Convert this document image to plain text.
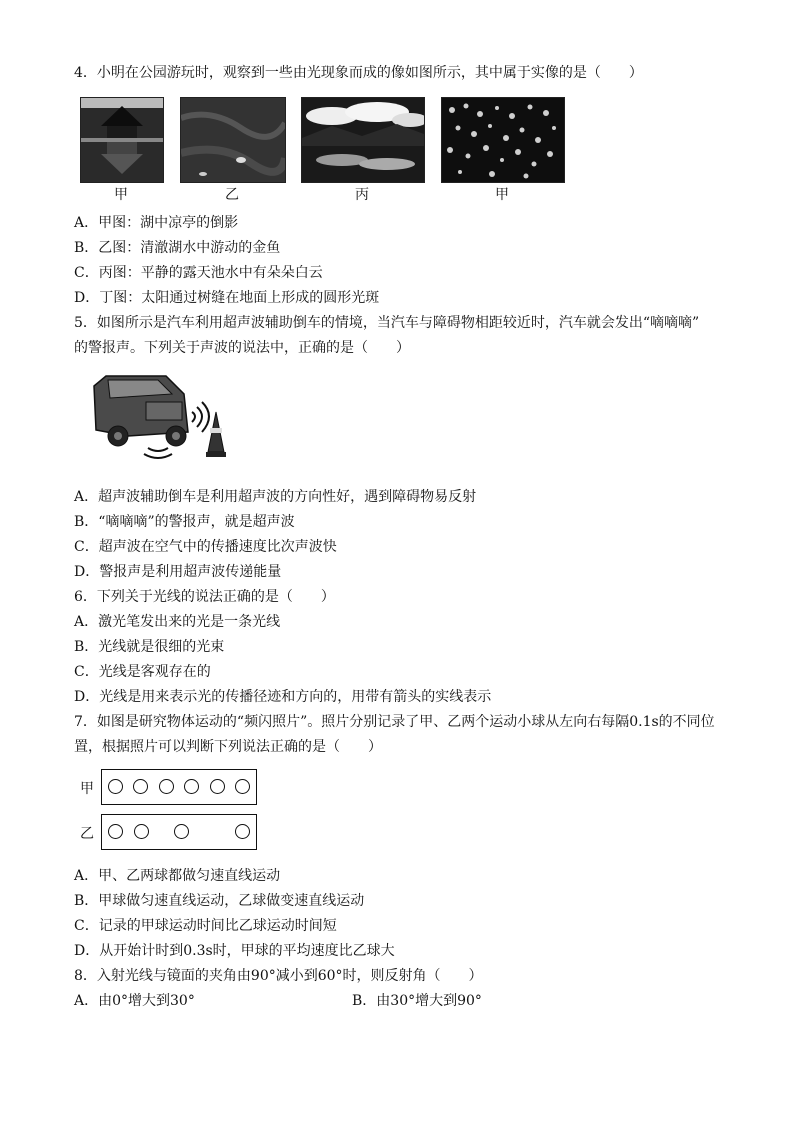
4．小明在公园游玩时，观察到一些由光现象而成的像如图所示，其中属于实像的是（　　）
甲	乙	丙	甲
A．甲图：湖中凉亭的倒影
B．乙图：清澈湖水中游动的金鱼
C．丙图：平静的露天池水中有朵朵白云
D．丁图：太阳通过树缝在地面上形成的圆形光斑
5．如图所示是汽车利用超声波辅助倒车的情境，当汽车与障碍物相距较近时，汽车就会发出“嘀嘀嘀”
的警报声。下列关于声波的说法中，正确的是（　　）
A．超声波辅助倒车是利用超声波的方向性好，遇到障碍物易反射
B．“嘀嘀嘀”的警报声，就是超声波
C．超声波在空气中的传播速度比次声波快
D．警报声是利用超声波传递能量
6．下列关于光线的说法正确的是（　　）
A．激光笔发出来的光是一条光线
B．光线就是很细的光束
C．光线是客观存在的
D．光线是用来表示光的传播径迹和方向的，用带有箭头的实线表示
7．如图是研究物体运动的“频闪照片”。照片分别记录了甲、乙两个运动小球从左向右每隔0.1s的不同位
置，根据照片可以判断下列说法正确的是（　　）
甲
乙
A．甲、乙两球都做匀速直线运动
B．甲球做匀速直线运动，乙球做变速直线运动
C．记录的甲球运动时间比乙球运动时间短
D．从开始计时到0.3s时，甲球的平均速度比乙球大
8．入射光线与镜面的夹角由90°减小到60°时，则反射角（　　）
A．由0°增大到30°	B．由30°增大到90°
